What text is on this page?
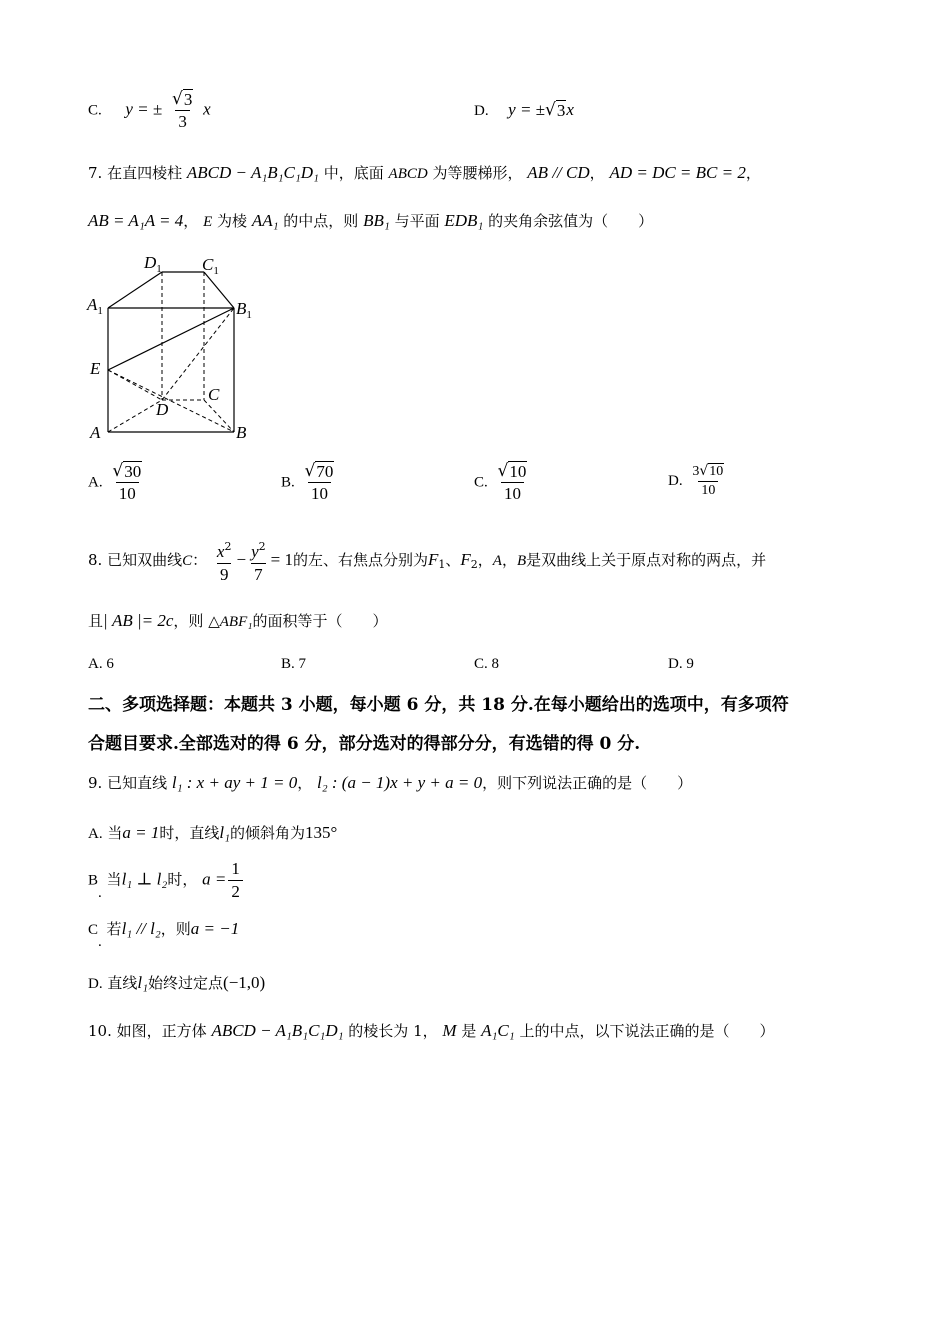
C. y = ± $\frac{√ 3}{3}$ x	D. y = ± √ 3 x
7. 在直四棱柱 ABCD − A₁B₁C₁D₁ 中，底面 ABCD 为等腰梯形， AB // CD， AD = DC = BC = 2，
AB = A₁A = 4， E 为棱 AA₁ 的中点，则 BB₁ 与平面 EDB₁ 的夹角余弦值为（　　）
$A_1$
$D_1$ $C_1$
$B_1$
E
D
C
A	B
A. $\frac{√ 30}{10}$	B. $\frac{√ 70}{10}$	C. $\frac{√ 10}{10}$	D. $\frac{3 √ 10}{10}$
8. 已知双曲线C： $\frac{x^2}{9} - \frac{y^2}{7} = 1$的左、右焦点分别为$F_1$、$F_2$，A，B是双曲线上关于原点对称的两点，并
且| AB |= 2c，则 △ABF₁的面积等于（　　）
A. 6	B. 7	C. 8	D. 9
二、多项选择题：本题共 3 小题，每小题 6 分，共 18 分.在每小题给出的选项中，有多项符
合题目要求.全部选对的得 6 分，部分选对的得部分分，有选错的得 0 分.
9. 已知直线 l₁ : x + ay + 1 = 0， l₂ : (a − 1)x + y + a = 0，则下列说法正确的是（　　）
A. 当a = 1时，直线l₁的倾斜角为135°
B. 当l₁ ⊥ l₂时， $a = \frac{1}{2}$
C. 若l₁ // l₂，则a = −1
D. 直线l₁始终过定点(−1,0)
10. 如图，正方体 ABCD − A₁B₁C₁D₁ 的棱长为 1， M 是 A₁C₁ 上的中点，以下说法正确的是（　　）
